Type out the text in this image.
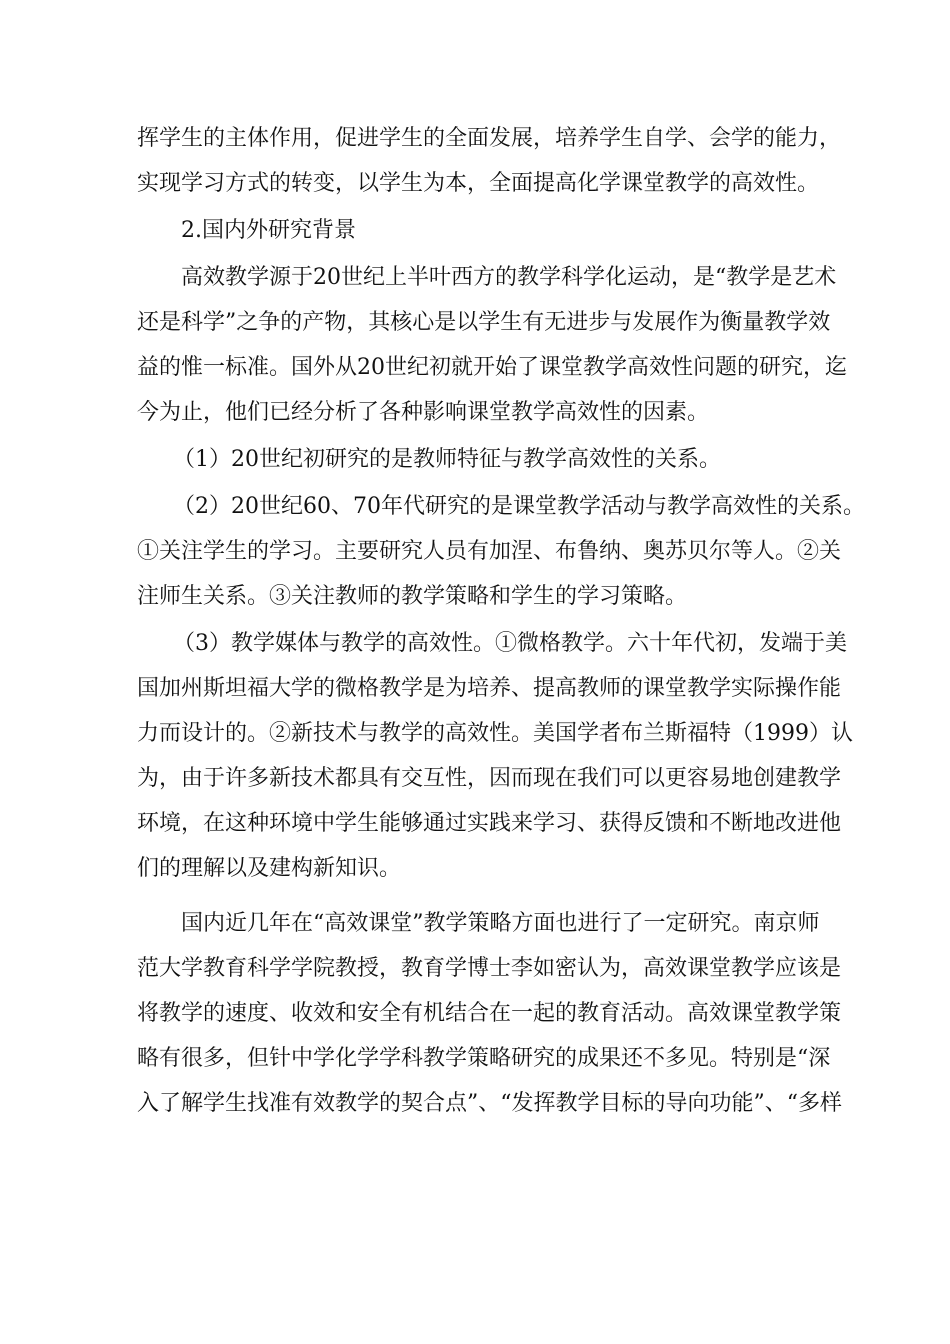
挥学生的主体作用，促进学生的全面发展，培养学生自学、会学的能力，
实现学习方式的转变，以学生为本，全面提高化学课堂教学的高效性。
2.国内外研究背景
高效教学源于20世纪上半叶西方的教学科学化运动，是“教学是艺术
还是科学”之争的产物，其核心是以学生有无进步与发展作为衡量教学效
益的惟一标准。国外从20世纪初就开始了课堂教学高效性问题的研究，迄
今为止，他们已经分析了各种影响课堂教学高效性的因素。
（1）20世纪初研究的是教师特征与教学高效性的关系。
（2）20世纪60、70年代研究的是课堂教学活动与教学高效性的关系。
①关注学生的学习。主要研究人员有加涅、布鲁纳、奥苏贝尔等人。②关
注师生关系。③关注教师的教学策略和学生的学习策略。
（3）教学媒体与教学的高效性。①微格教学。六十年代初，发端于美
国加州斯坦福大学的微格教学是为培养、提高教师的课堂教学实际操作能
力而设计的。②新技术与教学的高效性。美国学者布兰斯福特（1999）认
为，由于许多新技术都具有交互性，因而现在我们可以更容易地创建教学
环境，在这种环境中学生能够通过实践来学习、获得反馈和不断地改进他
们的理解以及建构新知识。
国内近几年在“高效课堂”教学策略方面也进行了一定研究。南京师
范大学教育科学学院教授，教育学博士李如密认为，高效课堂教学应该是
将教学的速度、收效和安全有机结合在一起的教育活动。高效课堂教学策
略有很多，但针中学化学学科教学策略研究的成果还不多见。特别是“深
入了解学生找准有效教学的契合点”、“发挥教学目标的导向功能”、“多样
